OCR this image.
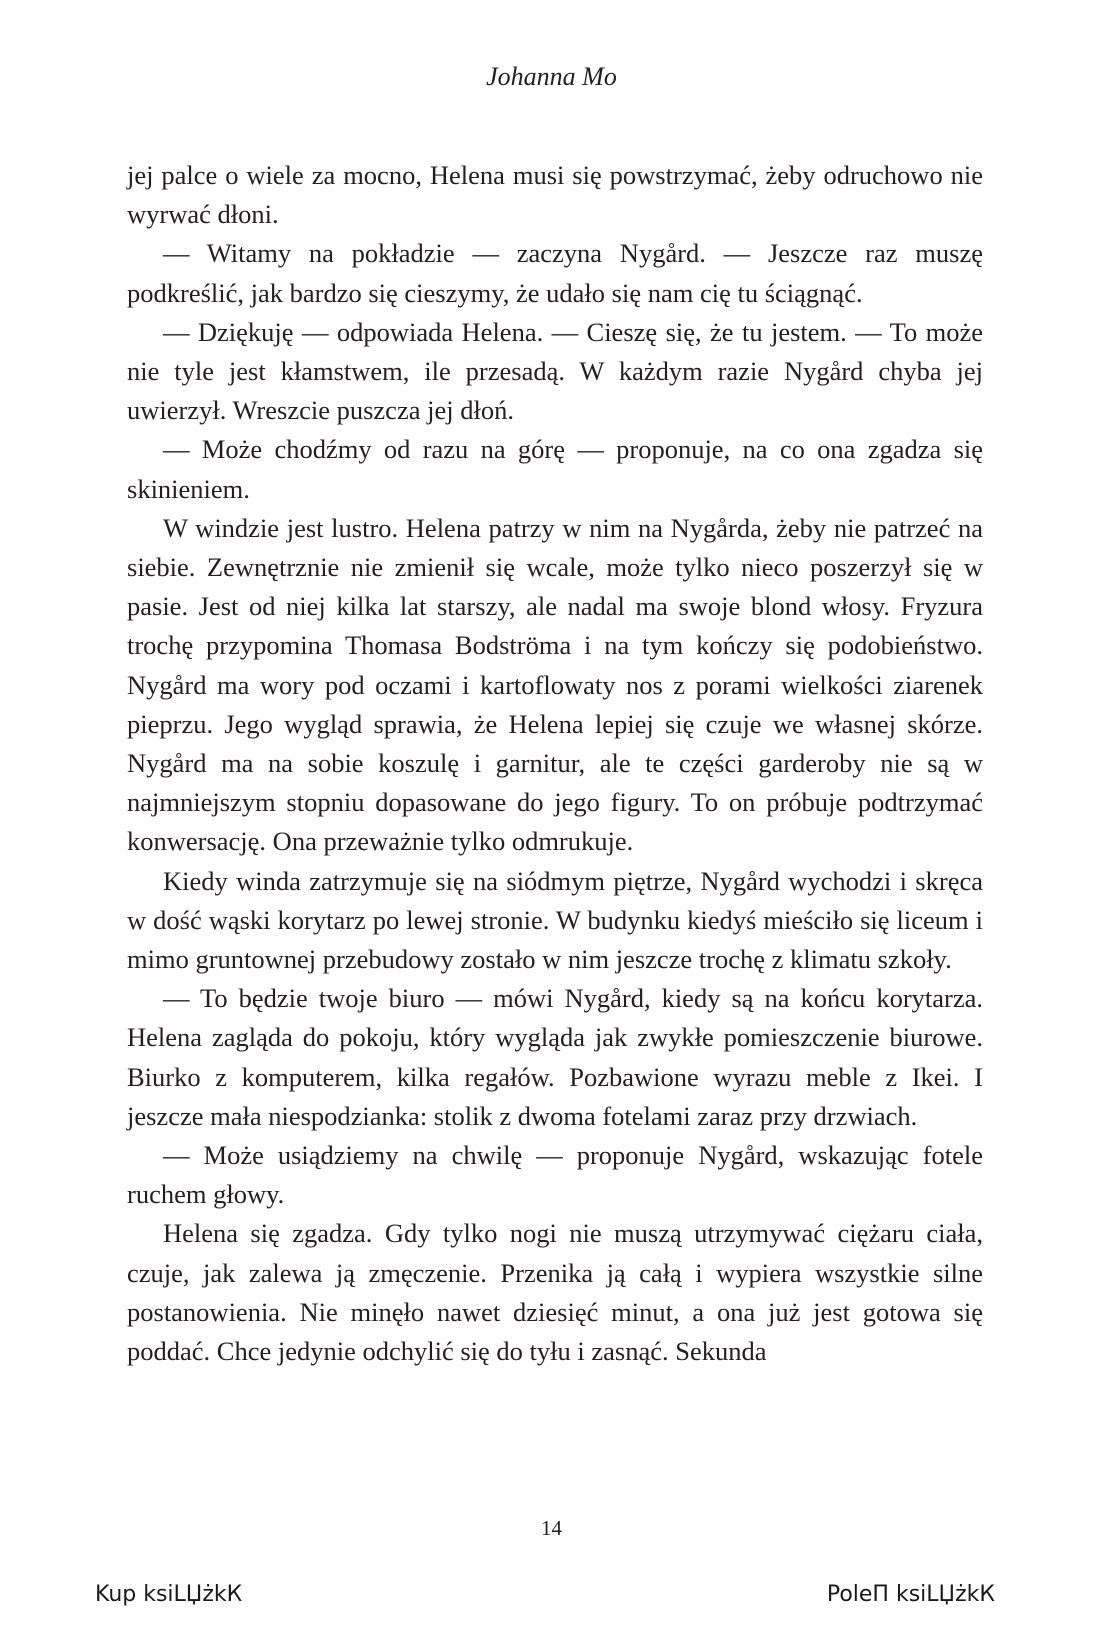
Johanna Mo

jej palce o wiele za mocno, Helena musi się powstrzymać, żeby odruchowo nie wyrwać dłoni.

— Witamy na pokładzie — zaczyna Nygård. — Jeszcze raz muszę podkreślić, jak bardzo się cieszymy, że udało się nam cię tu ściągnąć.

— Dziękuję — odpowiada Helena. — Cieszę się, że tu jestem. — To może nie tyle jest kłamstwem, ile przesadą. W każdym razie Nygård chyba jej uwierzył. Wreszcie puszcza jej dłoń.

— Może chodźmy od razu na górę — proponuje, na co ona zgadza się skinieniem.

W windzie jest lustro. Helena patrzy w nim na Nygårda, żeby nie patrzeć na siebie. Zewnętrznie nie zmienił się wcale, może tylko nieco poszerzył się w pasie. Jest od niej kilka lat starszy, ale nadal ma swoje blond włosy. Fryzura trochę przypomina Thomasa Bodströma i na tym kończy się podobieństwo. Nygård ma wory pod oczami i kartoflowaty nos z porami wielkości ziarenek pieprzu. Jego wygląd sprawia, że Helena lepiej się czuje we własnej skórze. Nygård ma na sobie koszulę i garnitur, ale te części garderoby nie są w najmniejszym stopniu dopasowane do jego figury. To on próbuje podtrzymać konwersację. Ona przeważnie tylko odmrukuje.

Kiedy winda zatrzymuje się na siódmym piętrze, Nygård wychodzi i skręca w dość wąski korytarz po lewej stronie. W budynku kiedyś mieściło się liceum i mimo gruntownej przebudowy zostało w nim jeszcze trochę z klimatu szkoły.

— To będzie twoje biuro — mówi Nygård, kiedy są na końcu korytarza. Helena zagląda do pokoju, który wygląda jak zwykłe pomieszczenie biurowe. Biurko z komputerem, kilka regałów. Pozbawione wyrazu meble z Ikei. I jeszcze mała niespodzianka: stolik z dwoma fotelami zaraz przy drzwiach.

— Może usiądziemy na chwilę — proponuje Nygård, wskazując fotele ruchem głowy.

Helena się zgadza. Gdy tylko nogi nie muszą utrzymywać ciężaru ciała, czuje, jak zalewa ją zmęczenie. Przenika ją całą i wypiera wszystkie silne postanowienia. Nie minęło nawet dziesięć minut, a ona już jest gotowa się poddać. Chce jedynie odchylić się do tyłu i zasnąć. Sekunda

14
Kup ksiLЏżkК	PoleП ksiLЏżkК
